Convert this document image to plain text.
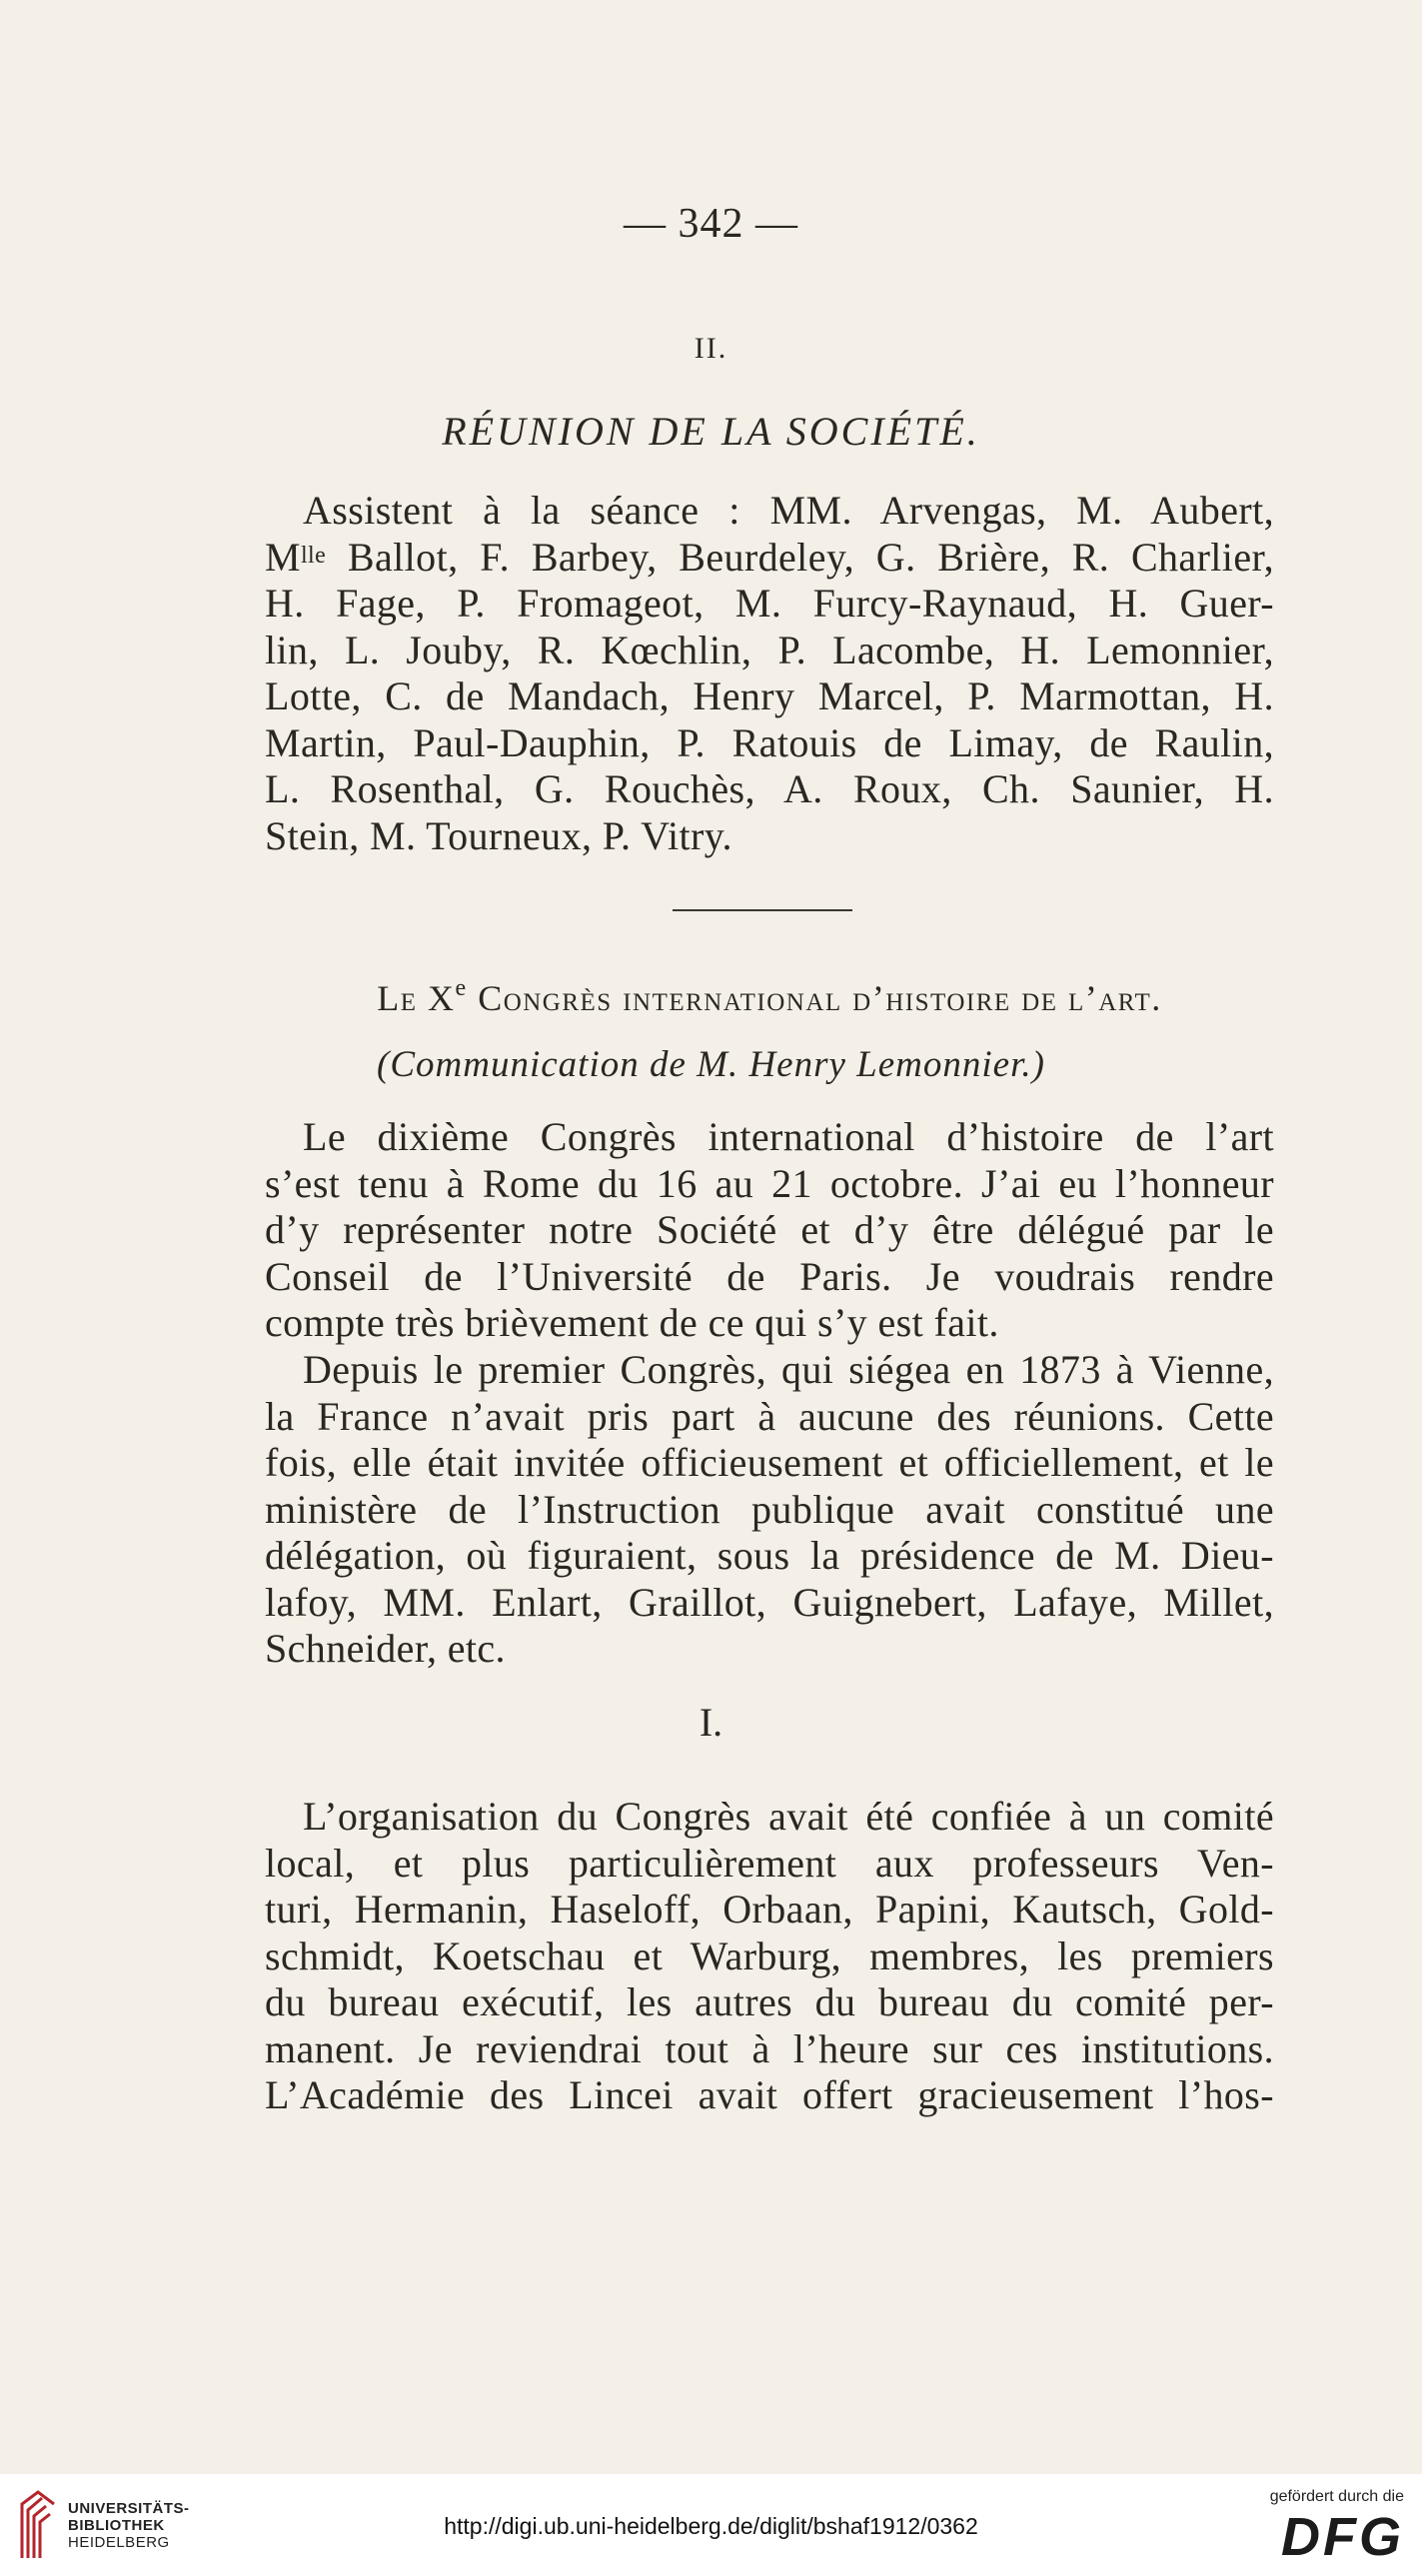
— 342 —
II.
RÉUNION DE LA SOCIÉTÉ.
Assistent à la séance : MM. Arvengas, M. Aubert,
$M^{lle}$ Ballot, F. Barbey, Beurdeley, G. Brière, R. Charlier,
H. Fage, P. Fromageot, M. Furcy-Raynaud, H. Guer-
lin, L. Jouby, R. Kœchlin, P. Lacombe, H. Lemonnier,
Lotte, C. de Mandach, Henry Marcel, P. Marmottan, H.
Martin, Paul-Dauphin, P. Ratouis de Limay, de Raulin,
L. Rosenthal, G. Rouchès, A. Roux, Ch. Saunier, H.
Stein, M. Tourneux, P. Vitry.
Le Xe Congrès international d’histoire de l’art.
(Communication de M. Henry Lemonnier.)
Le dixième Congrès international d’histoire de l’art
s’est tenu à Rome du 16 au 21 octobre. J’ai eu l’honneur
d’y représenter notre Société et d’y être délégué par le
Conseil de l’Université de Paris. Je voudrais rendre
compte très brièvement de ce qui s’y est fait.
Depuis le premier Congrès, qui siégea en 1873 à Vienne,
la France n’avait pris part à aucune des réunions. Cette
fois, elle était invitée officieusement et officiellement, et le
ministère de l’Instruction publique avait constitué une
délégation, où figuraient, sous la présidence de M. Dieu-
lafoy, MM. Enlart, Graillot, Guignebert, Lafaye, Millet,
Schneider, etc.
I.
L’organisation du Congrès avait été confiée à un comité
local, et plus particulièrement aux professeurs Ven-
turi, Hermanin, Haseloff, Orbaan, Papini, Kautsch, Gold-
schmidt, Koetschau et Warburg, membres, les premiers
du bureau exécutif, les autres du bureau du comité per-
manent. Je reviendrai tout à l’heure sur ces institutions.
L’Académie des Lincei avait offert gracieusement l’hos-
UNIVERSITÄTS-
BIBLIOTHEK
HEIDELBERG
http://digi.ub.uni-heidelberg.de/diglit/bshaf1912/0362
gefördert durch die
DFG
